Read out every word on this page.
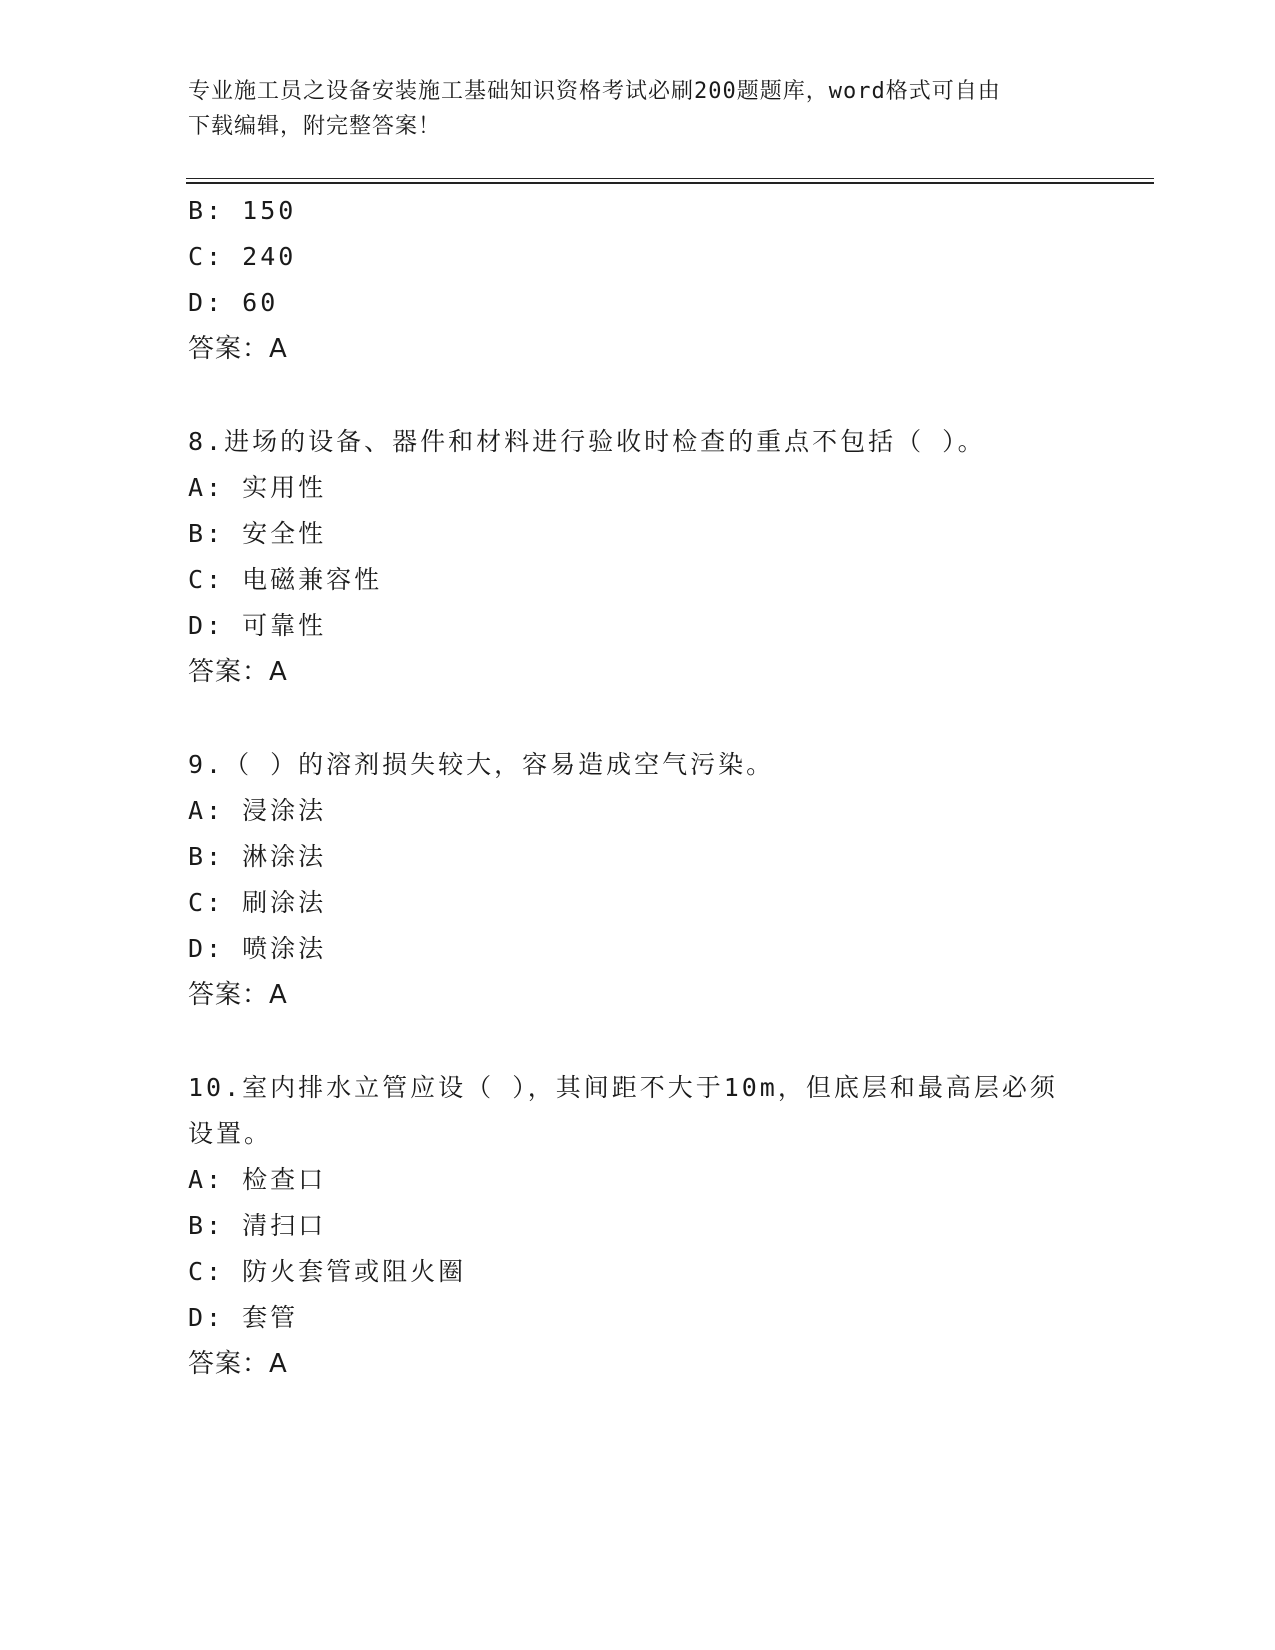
专业施工员之设备安装施工基础知识资格考试必刷200题题库，word格式可自由
下载编辑，附完整答案！
B: 150
C: 240
D: 60
答案：A
8.进场的设备、器件和材料进行验收时检查的重点不包括（ ）。
A: 实用性
B: 安全性
C: 电磁兼容性
D: 可靠性
答案：A
9.（ ）的溶剂损失较大，容易造成空气污染。
A: 浸涂法
B: 淋涂法
C: 刷涂法
D: 喷涂法
答案：A
10.室内排水立管应设（ ），其间距不大于10m，但底层和最高层必须
设置。
A: 检查口
B: 清扫口
C: 防火套管或阻火圈
D: 套管
答案：A
